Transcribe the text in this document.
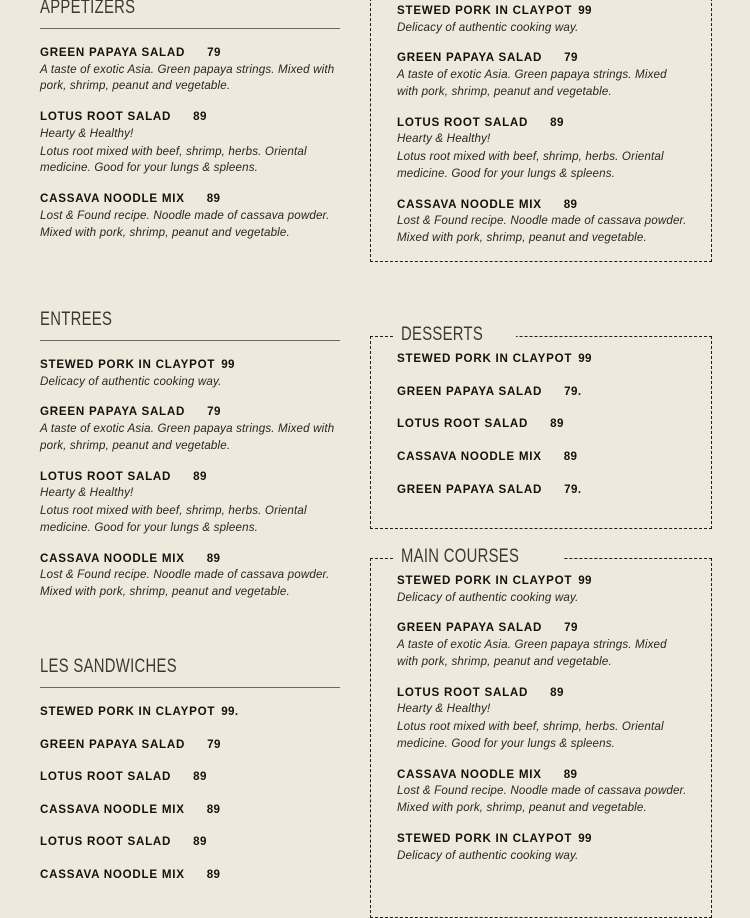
APPETIZERS
GREEN PAPAYA SALAD 79
A taste of exotic Asia. Green papaya strings. Mixed with pork, shrimp, peanut and vegetable.
LOTUS ROOT SALAD 89
Hearty & Healthy!
Lotus root mixed with beef, shrimp, herbs. Oriental medicine. Good for your lungs & spleens.
CASSAVA NOODLE MIX 89
Lost & Found recipe. Noodle made of cassava powder. Mixed with pork, shrimp, peanut and vegetable.
ENTREES
STEWED PORK IN CLAYPOT 99
Delicacy of authentic cooking way.
GREEN PAPAYA SALAD 79
A taste of exotic Asia. Green papaya strings. Mixed with pork, shrimp, peanut and vegetable.
LOTUS ROOT SALAD 89
Hearty & Healthy!
Lotus root mixed with beef, shrimp, herbs. Oriental medicine. Good for your lungs & spleens.
CASSAVA NOODLE MIX 89
Lost & Found recipe. Noodle made of cassava powder. Mixed with pork, shrimp, peanut and vegetable.
LES SANDWICHES
STEWED PORK IN CLAYPOT 99.
GREEN PAPAYA SALAD 79
LOTUS ROOT SALAD 89
CASSAVA NOODLE MIX 89
LOTUS ROOT SALAD 89
CASSAVA NOODLE MIX 89
STEWED PORK IN CLAYPOT 99
Delicacy of authentic cooking way.
GREEN PAPAYA SALAD 79
A taste of exotic Asia. Green papaya strings. Mixed with pork, shrimp, peanut and vegetable.
LOTUS ROOT SALAD 89
Hearty & Healthy!
Lotus root mixed with beef, shrimp, herbs. Oriental medicine. Good for your lungs & spleens.
CASSAVA NOODLE MIX 89
Lost & Found recipe. Noodle made of cassava powder. Mixed with pork, shrimp, peanut and vegetable.
DESSERTS
STEWED PORK IN CLAYPOT 99
GREEN PAPAYA SALAD 79.
LOTUS ROOT SALAD 89
CASSAVA NOODLE MIX 89
GREEN PAPAYA SALAD 79.
MAIN COURSES
STEWED PORK IN CLAYPOT 99
Delicacy of authentic cooking way.
GREEN PAPAYA SALAD 79
A taste of exotic Asia. Green papaya strings. Mixed with pork, shrimp, peanut and vegetable.
LOTUS ROOT SALAD 89
Hearty & Healthy!
Lotus root mixed with beef, shrimp, herbs. Oriental medicine. Good for your lungs & spleens.
CASSAVA NOODLE MIX 89
Lost & Found recipe. Noodle made of cassava powder. Mixed with pork, shrimp, peanut and vegetable.
STEWED PORK IN CLAYPOT 99
Delicacy of authentic cooking way.
